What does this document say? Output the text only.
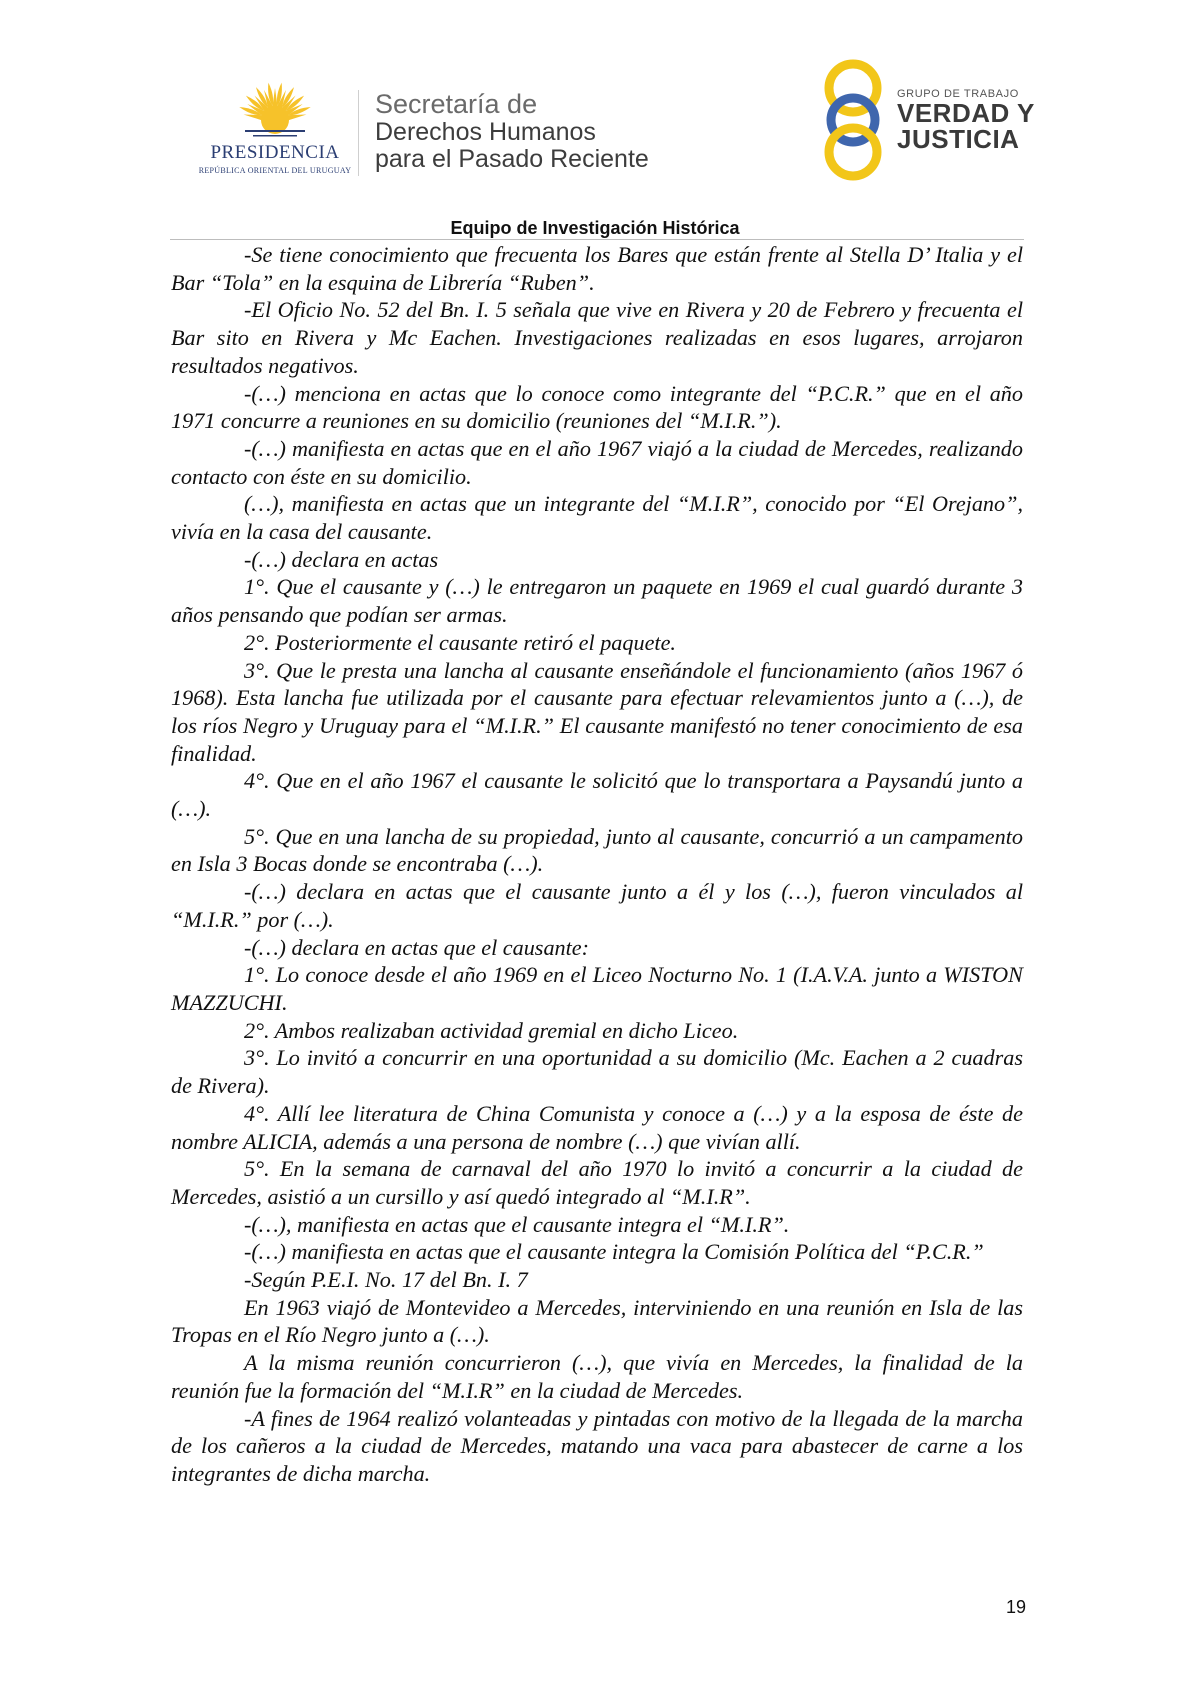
PRESIDENCIA
REPÚBLICA ORIENTAL DEL URUGUAY
Secretaría de
Derechos Humanos
para el Pasado Reciente
GRUPO DE TRABAJO
VERDAD Y
JUSTICIA
Equipo de Investigación Histórica

-Se tiene conocimiento que frecuenta los Bares que están frente al Stella D’ Italia y el Bar “Tola” en la esquina de Librería “Ruben”.

-El Oficio No. 52 del Bn. I. 5 señala que vive en Rivera y 20 de Febrero y frecuenta el Bar sito en Rivera y Mc Eachen. Investigaciones realizadas en esos lugares, arrojaron resultados negativos.

-(…) menciona en actas que lo conoce como integrante del “P.C.R.” que en el año 1971 concurre a reuniones en su domicilio (reuniones del “M.I.R.”).

-(…) manifiesta en actas que en el año 1967 viajó a la ciudad de Mercedes, realizando contacto con éste en su domicilio.

(…), manifiesta en actas que un integrante del “M.I.R”, conocido por “El Orejano”, vivía en la casa del causante.

-(…) declara en actas

1°. Que el causante y (…) le entregaron un paquete en 1969 el cual guardó durante 3 años pensando que podían ser armas.

2°. Posteriormente el causante retiró el paquete.

3°. Que le presta una lancha al causante enseñándole el funcionamiento (años 1967 ó 1968). Esta lancha fue utilizada por el causante para efectuar relevamientos junto a (…), de los ríos Negro y Uruguay para el “M.I.R.” El causante manifestó no tener conocimiento de esa finalidad.

4°. Que en el año 1967 el causante le solicitó que lo transportara a Paysandú junto a (…).

5°. Que en una lancha de su propiedad, junto al causante, concurrió a un campamento en Isla 3 Bocas donde se encontraba (…).

-(…) declara en actas que el causante junto a él y los (…), fueron vinculados al “M.I.R.” por (…).

-(…) declara en actas que el causante:

1°. Lo conoce desde el año 1969 en el Liceo Nocturno No. 1 (I.A.V.A. junto a WISTON MAZZUCHI.

2°. Ambos realizaban actividad gremial en dicho Liceo.

3°. Lo invitó a concurrir en una oportunidad a su domicilio (Mc. Eachen a 2 cuadras de Rivera).

4°. Allí lee literatura de China Comunista y conoce a (…) y a la esposa de éste de nombre ALICIA, además a una persona de nombre (…) que vivían allí.

5°. En la semana de carnaval del año 1970 lo invitó a concurrir a la ciudad de Mercedes, asistió a un cursillo y así quedó integrado al “M.I.R”.

-(…), manifiesta en actas que el causante integra el “M.I.R”.

-(…) manifiesta en actas que el causante integra la Comisión Política del “P.C.R.”

-Según P.E.I. No. 17 del Bn. I. 7

En 1963 viajó de Montevideo a Mercedes, interviniendo en una reunión en Isla de las Tropas en el Río Negro junto a (…).

A la misma reunión concurrieron (…), que vivía en Mercedes, la finalidad de la reunión fue la formación del “M.I.R” en la ciudad de Mercedes.

-A fines de 1964 realizó volanteadas y pintadas con motivo de la llegada de la marcha de los cañeros a la ciudad de Mercedes, matando una vaca para abastecer de carne a los integrantes de dicha marcha.

19
